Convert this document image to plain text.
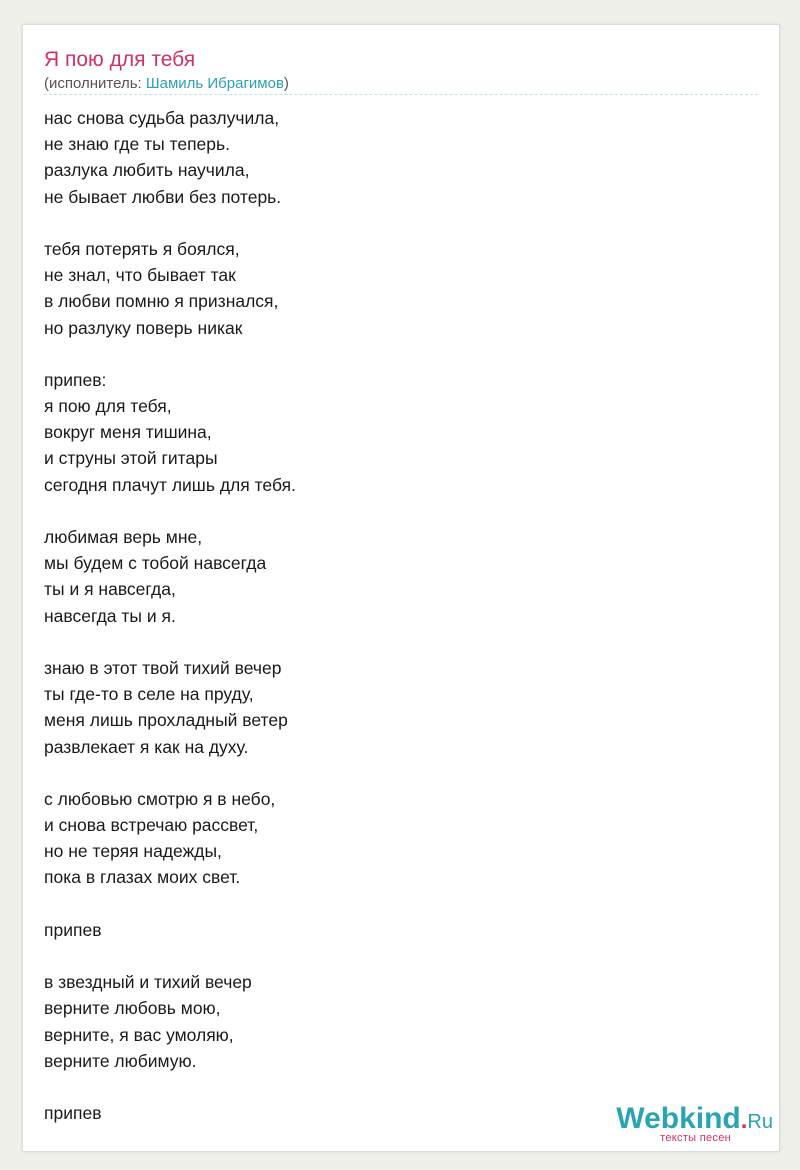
Я пою для тебя
(исполнитель: Шамиль Ибрагимов)
нас снова судьба разлучила,
не знаю где ты теперь.
разлука любить научила,
не бывает любви без потерь.
тебя потерять я боялся,
не знал, что бывает так
в любви помню я признался,
но разлуку поверь никак
припев:
я пою для тебя,
вокруг меня тишина,
и струны этой гитары
сегодня плачут лишь для тебя.
любимая верь мне,
мы будем с тобой навсегда
ты и я навсегда,
навсегда ты и я.
знаю в этот твой тихий вечер
ты где-то в селе на пруду,
меня лишь прохладный ветер
развлекает я как на духу.
с любовью смотрю я в небо,
и снова встречаю рассвет,
но не теряя надежды,
пока в глазах моих свет.
припев
в звездный и тихий вечер
верните любовь мою,
верните, я вас умоляю,
верните любимую.
припев	Webkind.Ru
тексты песен
